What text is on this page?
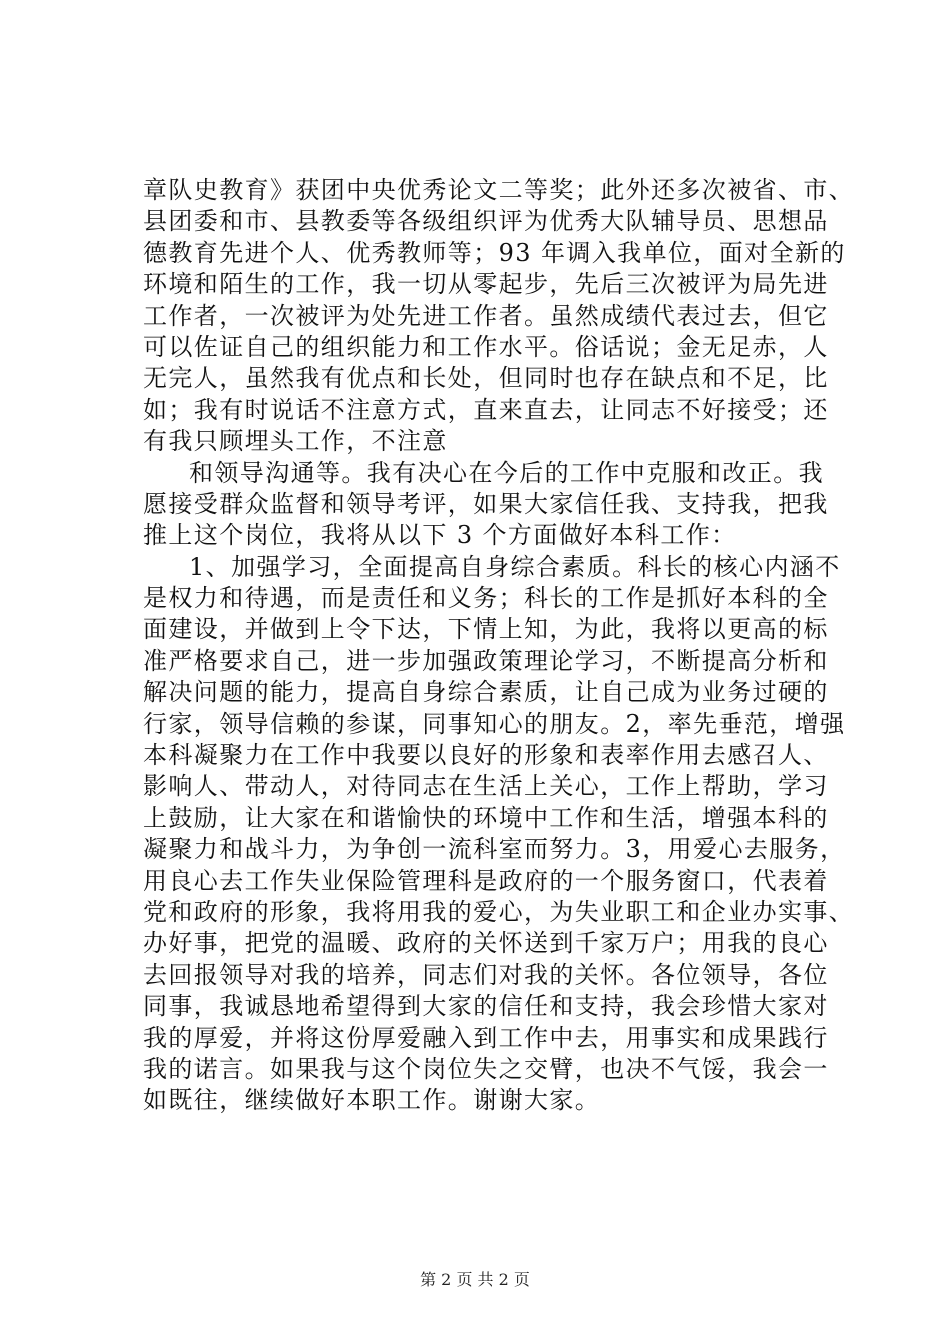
章队史教育》获团中央优秀论文二等奖；此外还多次被省、市、
县团委和市、县教委等各级组织评为优秀大队辅导员、思想品
德教育先进个人、优秀教师等；93 年调入我单位，面对全新的
环境和陌生的工作，我一切从零起步，先后三次被评为局先进
工作者，一次被评为处先进工作者。虽然成绩代表过去，但它
可以佐证自己的组织能力和工作水平。俗话说；金无足赤，人
无完人，虽然我有优点和长处，但同时也存在缺点和不足，比
如；我有时说话不注意方式，直来直去，让同志不好接受；还
有我只顾埋头工作，不注意
和领导沟通等。我有决心在今后的工作中克服和改正。我
愿接受群众监督和领导考评，如果大家信任我、支持我，把我
推上这个岗位，我将从以下 3 个方面做好本科工作：
1、加强学习，全面提高自身综合素质。科长的核心内涵不
是权力和待遇，而是责任和义务；科长的工作是抓好本科的全
面建设，并做到上令下达，下情上知，为此，我将以更高的标
准严格要求自己，进一步加强政策理论学习，不断提高分析和
解决问题的能力，提高自身综合素质，让自己成为业务过硬的
行家，领导信赖的参谋，同事知心的朋友。2，率先垂范，增强
本科凝聚力在工作中我要以良好的形象和表率作用去感召人、
影响人、带动人，对待同志在生活上关心，工作上帮助，学习
上鼓励，让大家在和谐愉快的环境中工作和生活，增强本科的
凝聚力和战斗力，为争创一流科室而努力。3，用爱心去服务，
用良心去工作失业保险管理科是政府的一个服务窗口，代表着
党和政府的形象，我将用我的爱心，为失业职工和企业办实事、
办好事，把党的温暖、政府的关怀送到千家万户；用我的良心
去回报领导对我的培养，同志们对我的关怀。各位领导，各位
同事，我诚恳地希望得到大家的信任和支持，我会珍惜大家对
我的厚爱，并将这份厚爱融入到工作中去，用事实和成果践行
我的诺言。如果我与这个岗位失之交臂，也决不气馁，我会一
如既往，继续做好本职工作。谢谢大家。
第 2 页 共 2 页
